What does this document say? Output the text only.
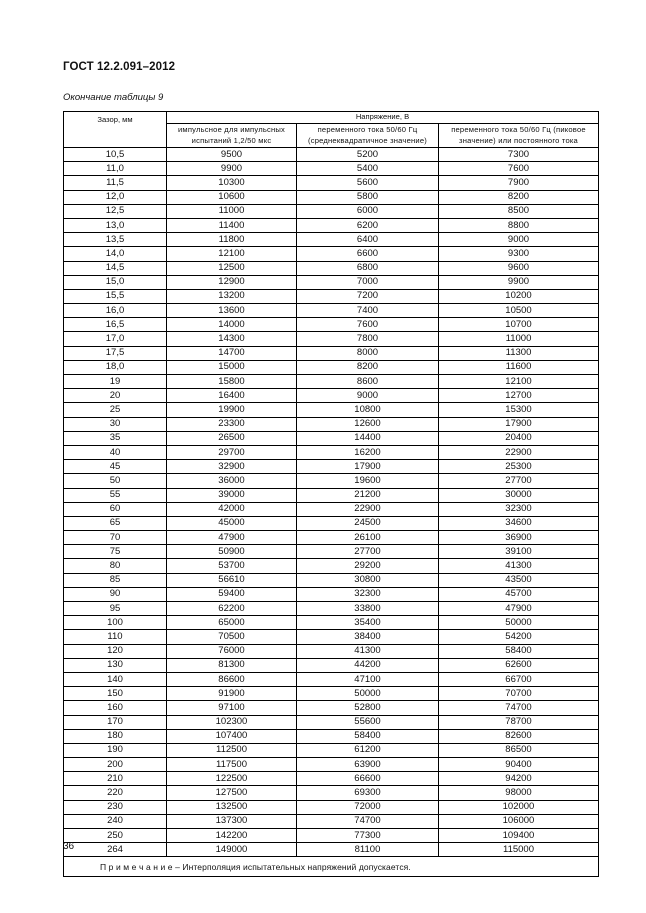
ГОСТ 12.2.091–2012
Окончание таблицы 9
Зазор, мм	Напряжение, В		
	импульсное для импульсных испытаний 1,2/50 мкс	переменного тока 50/60 Гц (среднеквадратичное значение)	переменного тока 50/60 Гц (пиковое значение) или постоянного тока
10,5	9500	5200	7300
11,0	9900	5400	7600
11,5	10300	5600	7900
12,0	10600	5800	8200
12,5	11000	6000	8500
13,0	11400	6200	8800
13,5	11800	6400	9000
14,0	12100	6600	9300
14,5	12500	6800	9600
15,0	12900	7000	9900
15,5	13200	7200	10200
16,0	13600	7400	10500
16,5	14000	7600	10700
17,0	14300	7800	11000
17,5	14700	8000	11300
18,0	15000	8200	11600
19	15800	8600	12100
20	16400	9000	12700
25	19900	10800	15300
30	23300	12600	17900
35	26500	14400	20400
40	29700	16200	22900
45	32900	17900	25300
50	36000	19600	27700
55	39000	21200	30000
60	42000	22900	32300
65	45000	24500	34600
70	47900	26100	36900
75	50900	27700	39100
80	53700	29200	41300
85	56610	30800	43500
90	59400	32300	45700
95	62200	33800	47900
100	65000	35400	50000
110	70500	38400	54200
120	76000	41300	58400
130	81300	44200	62600
140	86600	47100	66700
150	91900	50000	70700
160	97100	52800	74700
170	102300	55600	78700
180	107400	58400	82600
190	112500	61200	86500
200	117500	63900	90400
210	122500	66600	94200
220	127500	69300	98000
230	132500	72000	102000
240	137300	74700	106000
250	142200	77300	109400
264	149000	81100	115000
П р и м е ч а н и е – Интерполяция испытательных напряжений допускается.			
36
